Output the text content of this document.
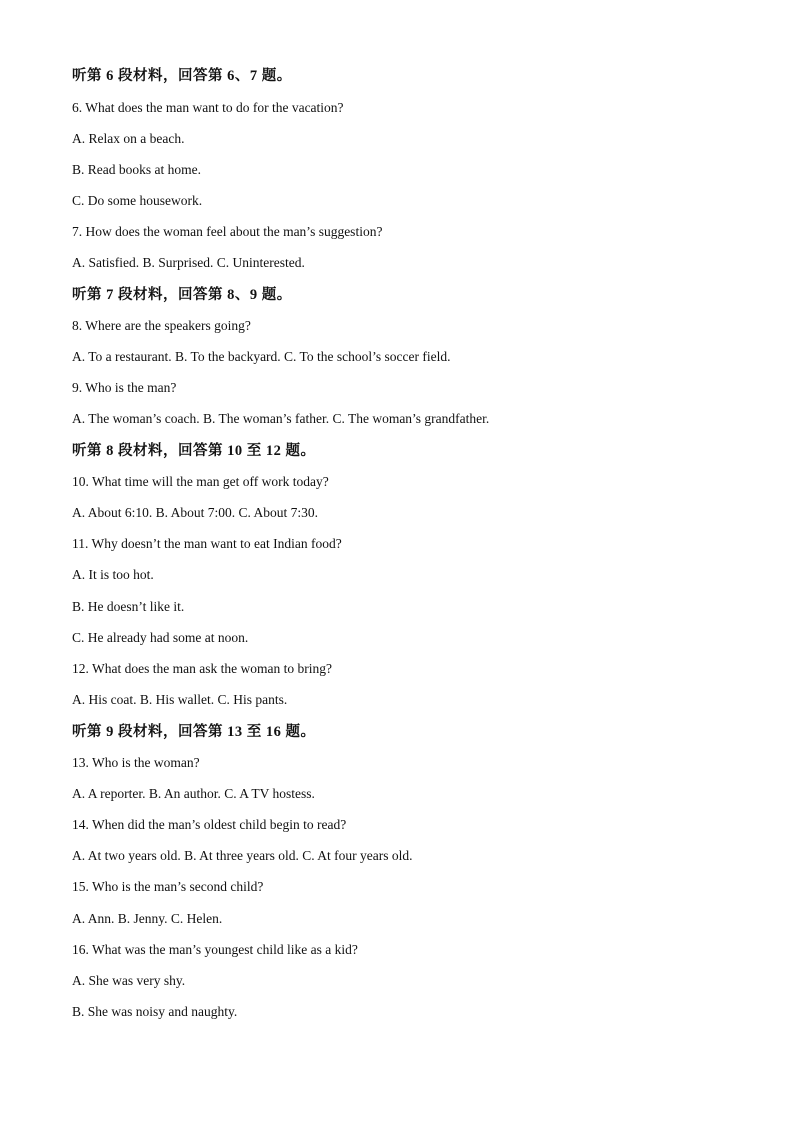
听第 6 段材料，回答第 6、7 题。
6. What does the man want to do for the vacation?
A. Relax on a beach.
B. Read books at home.
C. Do some housework.
7. How does the woman feel about the man’s suggestion?
A. Satisfied. B. Surprised. C. Uninterested.
听第 7 段材料，回答第 8、9 题。
8. Where are the speakers going?
A. To a restaurant. B. To the backyard. C. To the school’s soccer field.
9. Who is the man?
A. The woman’s coach. B. The woman’s father. C. The woman’s grandfather.
听第 8 段材料，回答第 10 至 12 题。
10. What time will the man get off work today?
A. About 6:10. B. About 7:00. C. About 7:30.
11. Why doesn’t the man want to eat Indian food?
A. It is too hot.
B. He doesn’t like it.
C. He already had some at noon.
12. What does the man ask the woman to bring?
A. His coat. B. His wallet. C. His pants.
听第 9 段材料，回答第 13 至 16 题。
13. Who is the woman?
A. A reporter. B. An author. C. A TV hostess.
14. When did the man’s oldest child begin to read?
A. At two years old. B. At three years old. C. At four years old.
15. Who is the man’s second child?
A. Ann. B. Jenny. C. Helen.
16. What was the man’s youngest child like as a kid?
A. She was very shy.
B. She was noisy and naughty.
